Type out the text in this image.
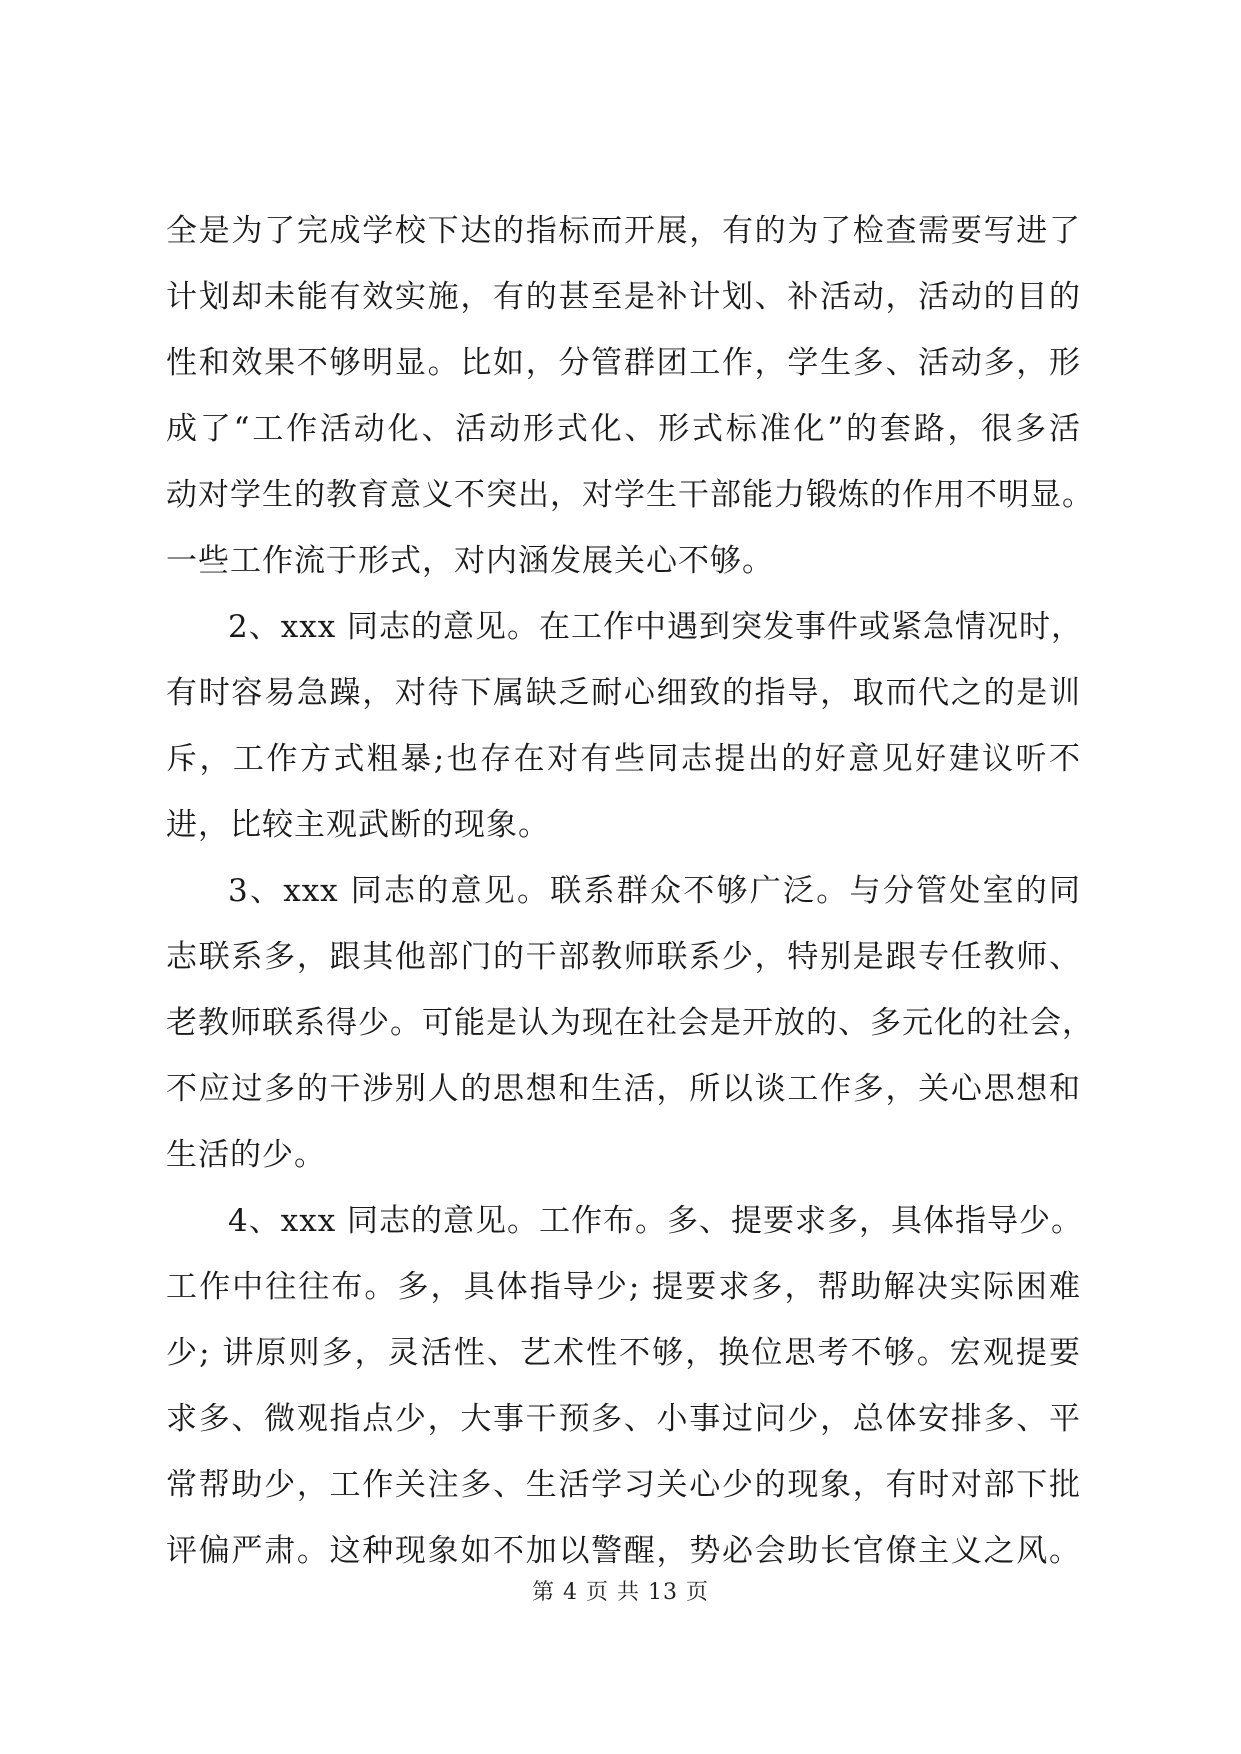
全是为了完成学校下达的指标而开展，有的为了检查需要写进了
计划却未能有效实施，有的甚至是补计划、补活动，活动的目的
性和效果不够明显。比如，分管群团工作，学生多、活动多，形
成了“工作活动化、活动形式化、形式标准化”的套路，很多活
动对学生的教育意义不突出，对学生干部能力锻炼的作用不明显。
一些工作流于形式，对内涵发展关心不够。
2、xxx 同志的意见。在工作中遇到突发事件或紧急情况时，
有时容易急躁，对待下属缺乏耐心细致的指导，取而代之的是训
斥，工作方式粗暴;也存在对有些同志提出的好意见好建议听不
进，比较主观武断的现象。
3、xxx 同志的意见。联系群众不够广泛。与分管处室的同
志联系多，跟其他部门的干部教师联系少，特别是跟专任教师、
老教师联系得少。可能是认为现在社会是开放的、多元化的社会，
不应过多的干涉别人的思想和生活，所以谈工作多，关心思想和
生活的少。
4、xxx 同志的意见。工作布。多、提要求多，具体指导少。
工作中往往布。多，具体指导少; 提要求多，帮助解决实际困难
少; 讲原则多，灵活性、艺术性不够，换位思考不够。宏观提要
求多、微观指点少，大事干预多、小事过问少，总体安排多、平
常帮助少，工作关注多、生活学习关心少的现象，有时对部下批
评偏严肃。这种现象如不加以警醒，势必会助长官僚主义之风。
第 4 页 共 13 页
